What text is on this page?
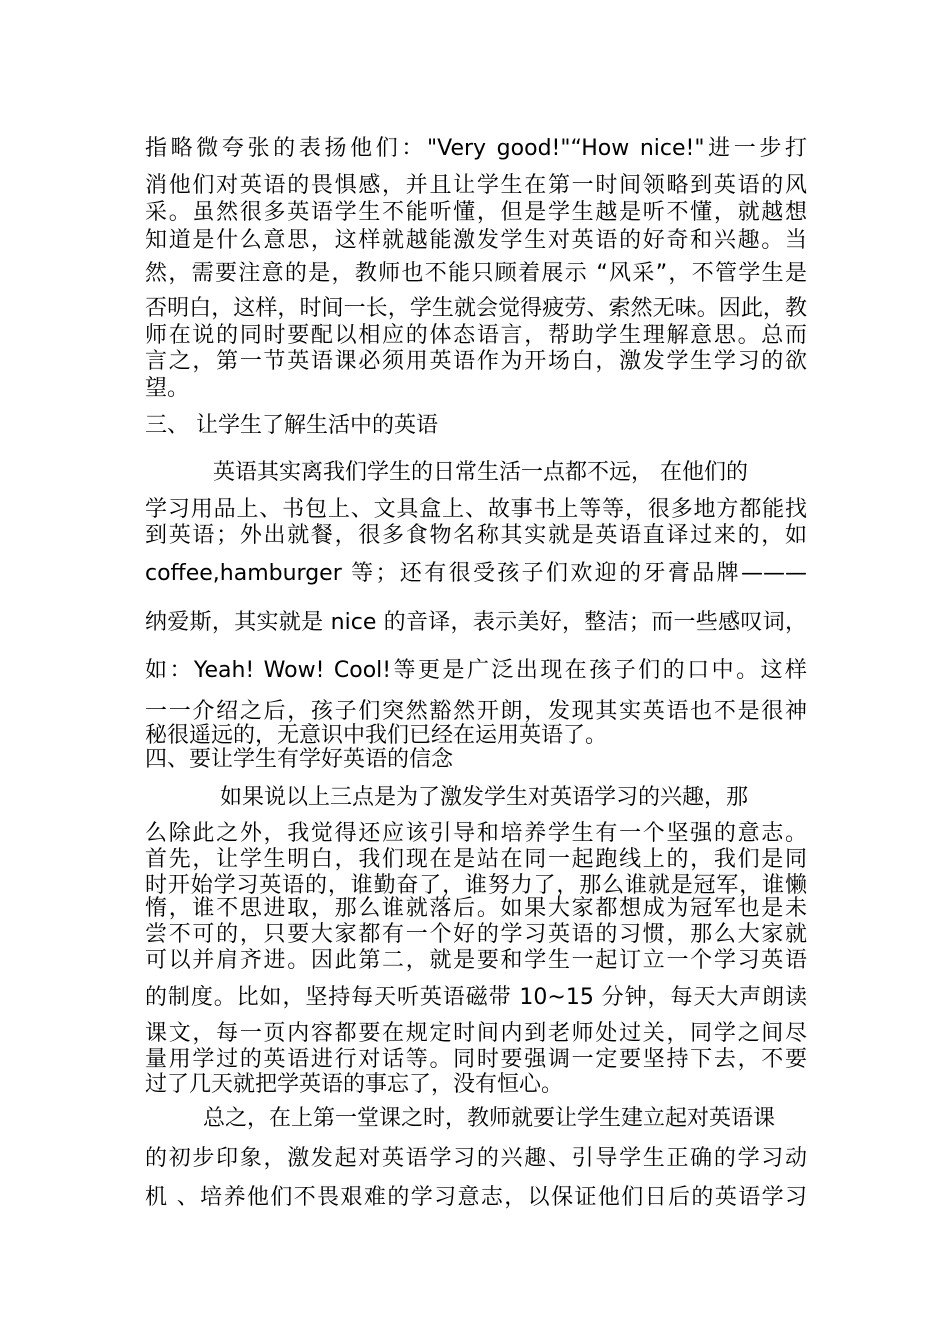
指略微夸张的表扬他们："Very good!"“How nice!"进一步打

消他们对英语的畏惧感，并且让学生在第一时间领略到英语的风

采。虽然很多英语学生不能听懂，但是学生越是听不懂，就越想

知道是什么意思，这样就越能激发学生对英语的好奇和兴趣。当

然，需要注意的是，教师也不能只顾着展示 “风采”，不管学生是

否明白，这样，时间一长，学生就会觉得疲劳、索然无味。因此，教

师在说的同时要配以相应的体态语言，帮助学生理解意思。总而

言之，第一节英语课必须用英语作为开场白，激发学生学习的欲

望。

三、 让学生了解生活中的英语

英语其实离我们学生的日常生活一点都不远， 在他们的

学习用品上、书包上、文具盒上、故事书上等等，很多地方都能找

到英语；外出就餐，很多食物名称其实就是英语直译过来的，如

coffee,hamburger 等；还有很受孩子们欢迎的牙膏品牌———

纳爱斯，其实就是 nice 的音译，表示美好，整洁；而一些感叹词，

如：Yeah! Wow! Cool!等更是广泛出现在孩子们的口中。这样

一一介绍之后，孩子们突然豁然开朗，发现其实英语也不是很神

秘很遥远的，无意识中我们已经在运用英语了。

四、要让学生有学好英语的信念

如果说以上三点是为了激发学生对英语学习的兴趣，那

么除此之外，我觉得还应该引导和培养学生有一个坚强的意志。

首先，让学生明白，我们现在是站在同一起跑线上的，我们是同

时开始学习英语的，谁勤奋了，谁努力了，那么谁就是冠军，谁懒

惰，谁不思进取，那么谁就落后。如果大家都想成为冠军也是未

尝不可的，只要大家都有一个好的学习英语的习惯，那么大家就

可以并肩齐进。因此第二，就是要和学生一起订立一个学习英语

的制度。比如，坚持每天听英语磁带 10~15 分钟，每天大声朗读

课文，每一页内容都要在规定时间内到老师处过关，同学之间尽

量用学过的英语进行对话等。同时要强调一定要坚持下去，不要

过了几天就把学英语的事忘了，没有恒心。

总之，在上第一堂课之时，教师就要让学生建立起对英语课

的初步印象，激发起对英语学习的兴趣、引导学生正确的学习动

机 、培养他们不畏艰难的学习意志，以保证他们日后的英语学习
